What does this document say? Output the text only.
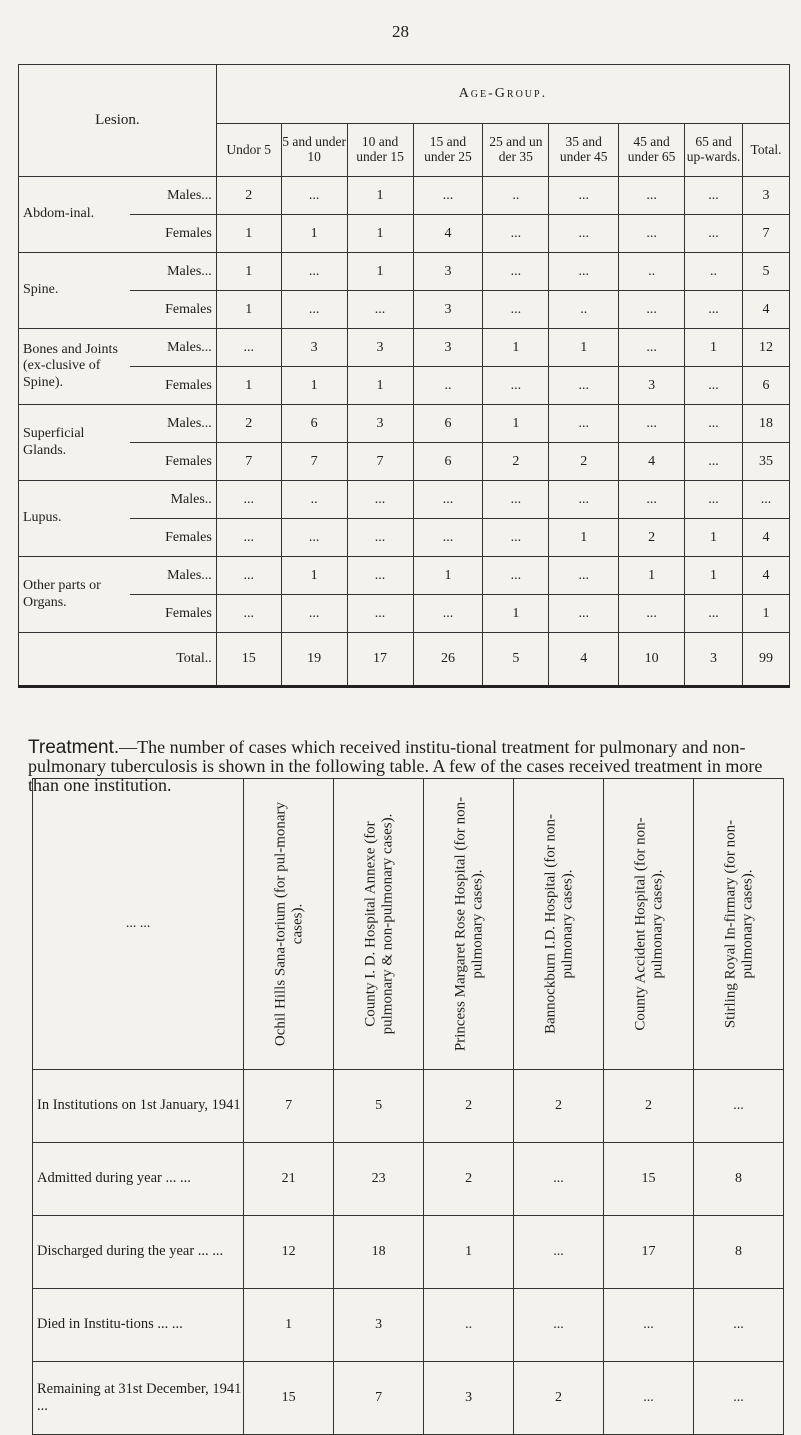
28
Lesion.		Age-Group.								
		Undor 5	5 and under 10	10 and under 15	15 and under 25	25 and un der 35	35 and under 45	45 and under 65	65 and up-wards.	Total.
Abdom-inal.	Males...	2	...	1	...	..	...	...	...	3
	Females	1	1	1	4	...	...	...	...	7
Spine.	Males...	1	...	1	3	...	...	..	..	5
	Females	1	...	...	3	...	..	...	...	4
Bones and Joints (ex-clusive of Spine).	Males...	...	3	3	3	1	1	...	1	12
	Females	1	1	1	..	...	...	3	...	6
Superficial Glands.	Males...	2	6	3	6	1	...	...	...	18
	Females	7	7	7	6	2	2	4	...	35
Lupus.	Males..	...	..	...	...	...	...	...	...	...
	Females	...	...	...	...	...	1	2	1	4
Other parts or Organs.	Males...	...	1	...	1	...	...	1	1	4
	Females	...	...	...	...	1	...	...	...	1
Total..		15	19	17	26	5	4	10	3	99
Treatment.—The number of cases which received institu-tional treatment for pulmonary and non-pulmonary tuberculosis is shown in the following table. A few of the cases received treatment in more than one institution.
... ...	Ochil Hills Sana-torium (for pul-monary cases).	County I. D. Hospital Annexe (for pulmonary & non-pulmonary cases).	Princess Margaret Rose Hospital (for non-pulmonary cases).	Bannockburn I.D. Hospital (for non-pulmonary cases).	County Accident Hospital (for non-pulmonary cases).	Stirling Royal In-firmary (for non-pulmonary cases).

In Institutions on 1st January, 1941	7	5	2	2	2	...
Admitted during year ... ...	21	23	2	...	15	8
Discharged during the year ... ...	12	18	1	...	17	8
Died in Institu-tions ... ...	1	3	..	...	...	...
Remaining at 31st December, 1941 ...	15	7	3	2	...	...
